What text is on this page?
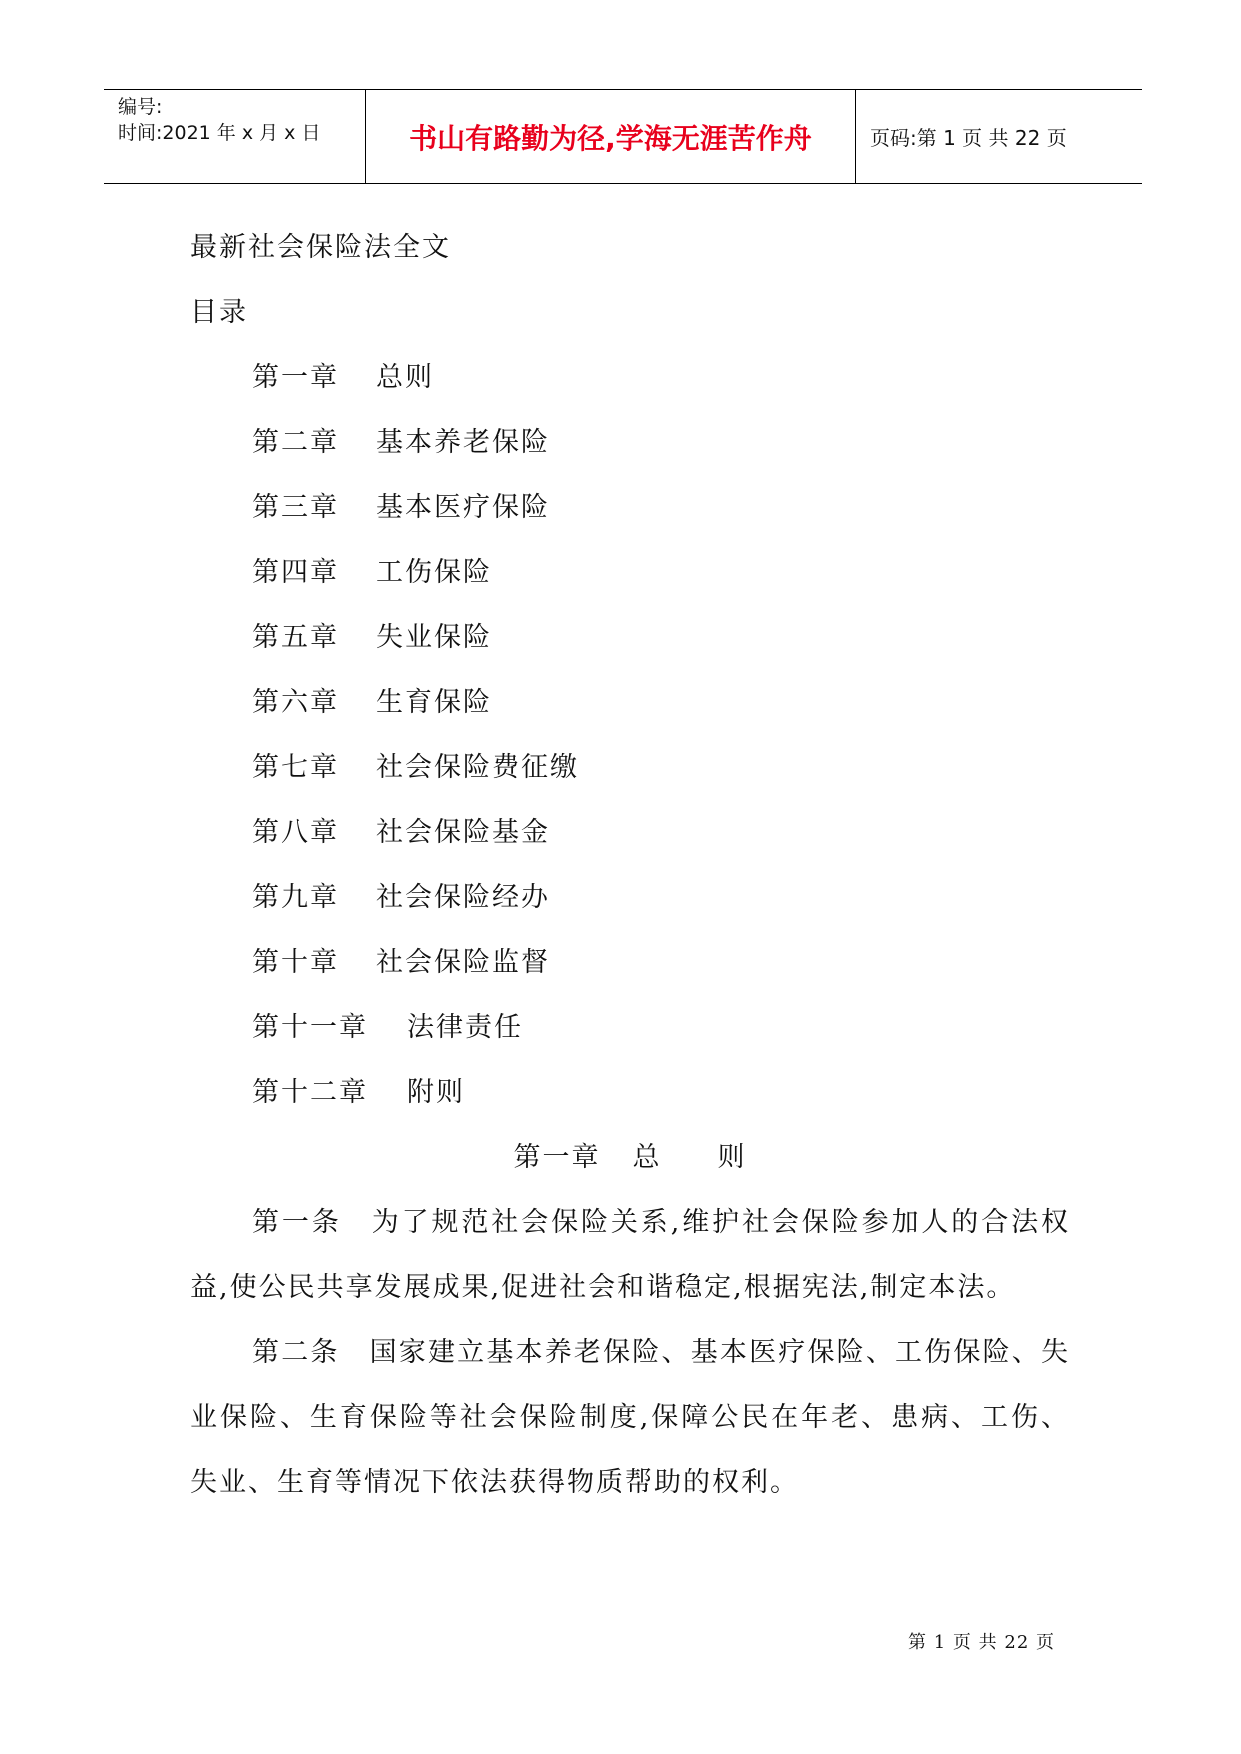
编号:
时间:2021 年 x 月 x 日	书山有路勤为径,学海无涯苦作舟	页码:第 1 页 共 22 页
最新社会保险法全文
目录
第一章	总则
第二章	基本养老保险
第三章	基本医疗保险
第四章	工伤保险
第五章	失业保险
第六章	生育保险
第七章	社会保险费征缴
第八章	社会保险基金
第九章	社会保险经办
第十章	社会保险监督
第十一章	法律责任
第十二章	附则
第一章 总 则
第一条 为了规范社会保险关系,维护社会保险参加人的合法权益,使公民共享发展成果,促进社会和谐稳定,根据宪法,制定本法。
第二条 国家建立基本养老保险、基本医疗保险、工伤保险、失业保险、生育保险等社会保险制度,保障公民在年老、患病、工伤、失业、生育等情况下依法获得物质帮助的权利。
第 1 页 共 22 页
